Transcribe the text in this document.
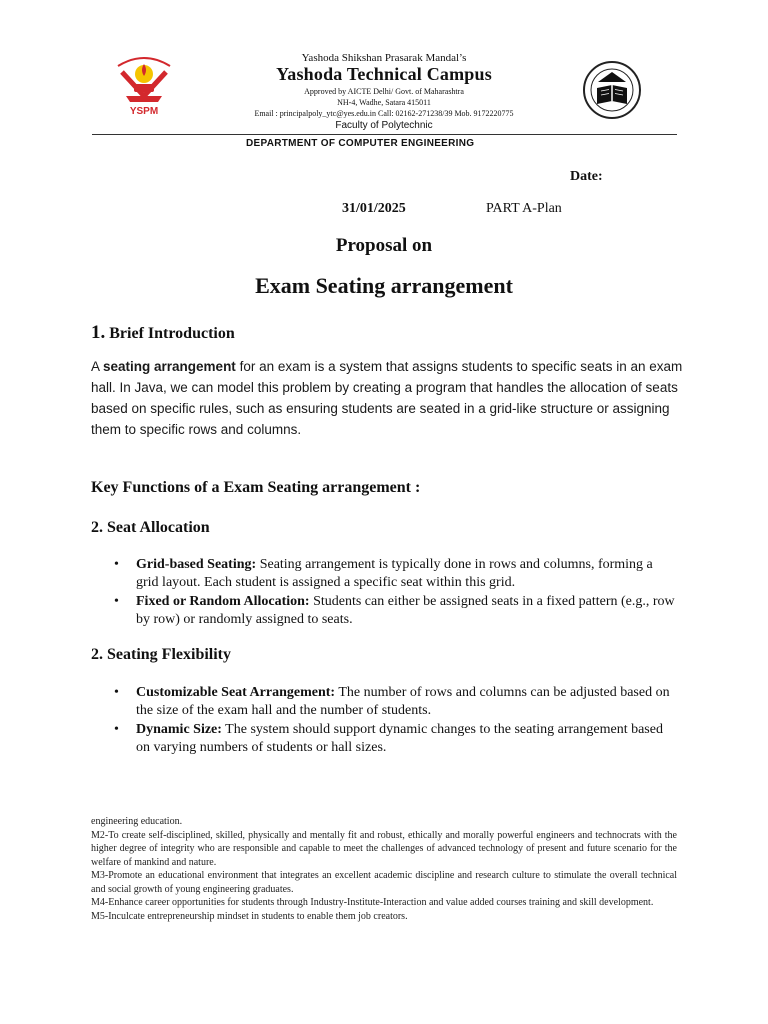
YSPM
Yashoda Shikshan Prasarak Mandal’s
Yashoda Technical Campus
Approved by AICTE Delhi/ Govt. of Maharashtra
NH-4, Wadhe, Satara 415011
Email : principalpoly_ytc@yes.edu.in Call: 02162-271238/39 Mob. 9172220775
Faculty of Polytechnic
DEPARTMENT OF COMPUTER ENGINEERING
Date:
31/01/2025	PART A-Plan
Proposal on
Exam Seating arrangement
1. Brief Introduction
A seating arrangement for an exam is a system that assigns students to specific seats in an exam hall. In Java, we can model this problem by creating a program that handles the allocation of seats based on specific rules, such as ensuring students are seated in a grid-like structure or assigning them to specific rows and columns.
Key Functions of a Exam Seating arrangement :
2. Seat Allocation
• Grid-based Seating: Seating arrangement is typically done in rows and columns, forming a grid layout. Each student is assigned a specific seat within this grid.
• Fixed or Random Allocation: Students can either be assigned seats in a fixed pattern (e.g., row by row) or randomly assigned to seats.
2. Seating Flexibility
• Customizable Seat Arrangement: The number of rows and columns can be adjusted based on the size of the exam hall and the number of students.
• Dynamic Size: The system should support dynamic changes to the seating arrangement based on varying numbers of students or hall sizes.

engineering education.

M2-To create self-disciplined, skilled, physically and mentally fit and robust, ethically and morally powerful engineers and technocrats with the higher degree of integrity who are responsible and capable to meet the challenges of advanced technology of present and future scenario for the welfare of mankind and nature.

M3-Promote an educational environment that integrates an excellent academic discipline and research culture to stimulate the overall technical and social growth of young engineering graduates.

M4-Enhance career opportunities for students through Industry-Institute-Interaction and value added courses training and skill development.

M5-Inculcate entrepreneurship mindset in students to enable them job creators.
